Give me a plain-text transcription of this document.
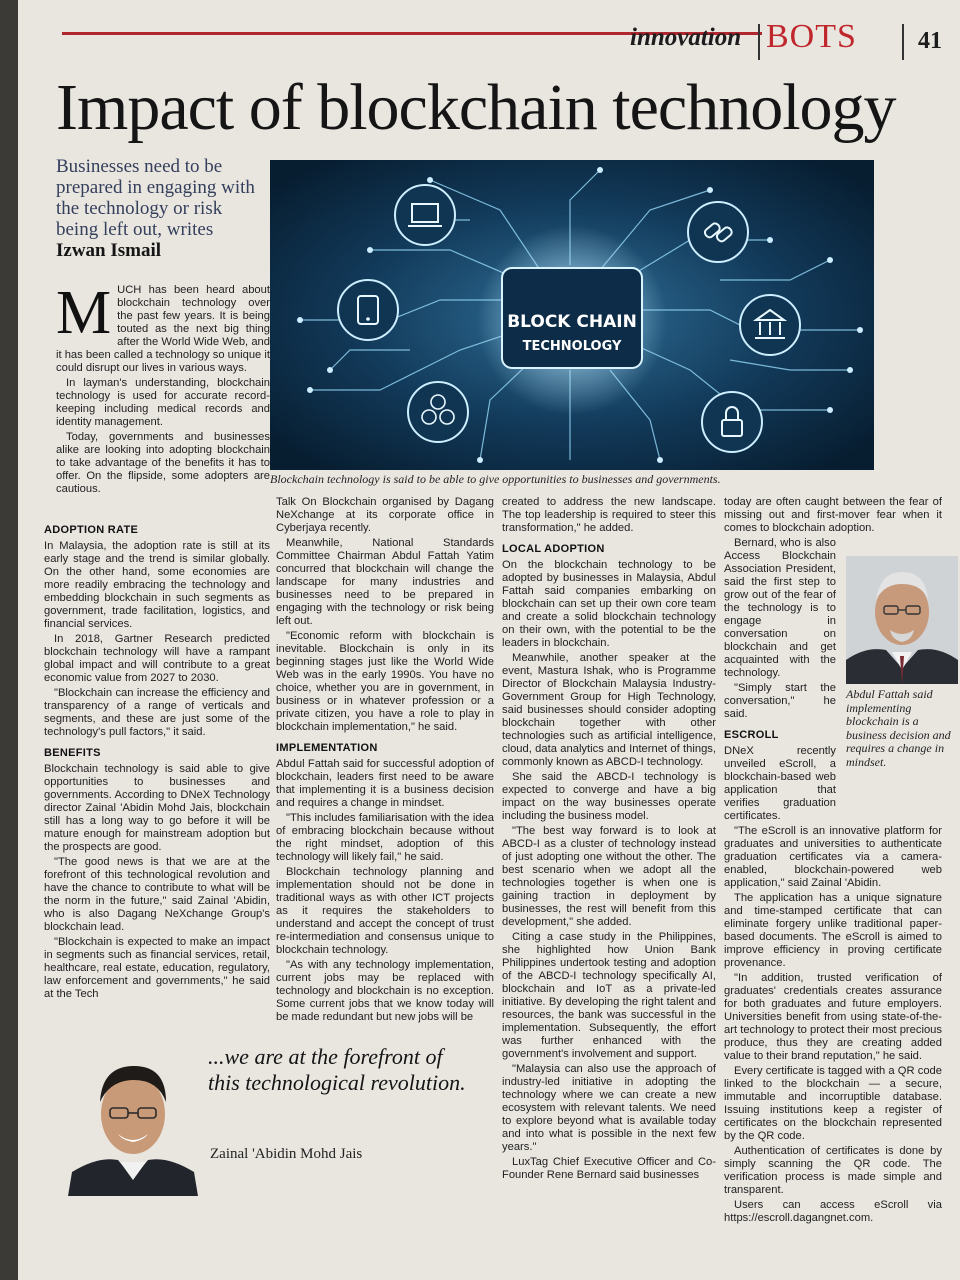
innovation BOTS	41
Impact of blockchain technology
Businesses need to be prepared in engaging with the technology or risk being left out, writes Izwan Ismail
BLOCK CHAIN
TECHNOLOGY
Blockchain technology is said to be able to give opportunities to businesses and governments.
M UCH has been heard about blockchain technology over the past few years. It is being touted as the next big thing after the World Wide Web, and it has been called a technology so unique it could disrupt our lives in various ways.

In layman's understanding, blockchain technology is used for accurate record-keeping including medical records and identity management.

Today, governments and businesses alike are looking into adopting blockchain to take advantage of the benefits it has to offer. On the flipside, some adopters are cautious.

ADOPTION RATE

In Malaysia, the adoption rate is still at its early stage and the trend is similar globally. On the other hand, some economies are more readily embracing the technology and embedding blockchain in such segments as government, trade facilitation, logistics, and financial services.

In 2018, Gartner Research predicted blockchain technology will have a rampant global impact and will contribute to a great economic value from 2027 to 2030.

"Blockchain can increase the efficiency and transparency of a range of verticals and segments, and these are just some of the technology's pull factors," it said.

BENEFITS

Blockchain technology is said able to give opportunities to businesses and governments. According to DNeX Technology director Zainal 'Abidin Mohd Jais, blockchain still has a long way to go before it will be mature enough for mainstream adoption but the prospects are good.

"The good news is that we are at the forefront of this technological revolution and have the chance to contribute to what will be the norm in the future," said Zainal 'Abidin, who is also Dagang NeXchange Group's blockchain lead.

"Blockchain is expected to make an impact in segments such as financial services, retail, healthcare, real estate, education, regulatory, law enforcement and governments," he said at the Tech

Talk On Blockchain organised by Dagang NeXchange at its corporate office in Cyberjaya recently.

Meanwhile, National Standards Committee Chairman Abdul Fattah Yatim concurred that blockchain will change the landscape for many industries and businesses need to be prepared in engaging with the technology or risk being left out.

"Economic reform with blockchain is inevitable. Blockchain is only in its beginning stages just like the World Wide Web was in the early 1990s. You have no choice, whether you are in government, in business or in whatever profession or a private citizen, you have a role to play in blockchain implementation," he said.

IMPLEMENTATION

Abdul Fattah said for successful adoption of blockchain, leaders first need to be aware that implementing it is a business decision and requires a change in mindset.

"This includes familiarisation with the idea of embracing blockchain because without the right mindset, adoption of this technology will likely fail," he said.

Blockchain technology planning and implementation should not be done in traditional ways as with other ICT projects as it requires the stakeholders to understand and accept the concept of trust re-intermediation and consensus unique to blockchain technology.

"As with any technology implementation, current jobs may be replaced with technology and blockchain is no exception. Some current jobs that we know today will be made redundant but new jobs will be

created to address the new landscape. The top leadership is required to steer this transformation," he added.

LOCAL ADOPTION

On the blockchain technology to be adopted by businesses in Malaysia, Abdul Fattah said companies embarking on blockchain can set up their own core team and create a solid blockchain technology on their own, with the potential to be the leaders in blockchain.

Meanwhile, another speaker at the event, Mastura Ishak, who is Programme Director of Blockchain Malaysia Industry-Government Group for High Technology, said businesses should consider adopting blockchain together with other technologies such as artificial intelligence, cloud, data analytics and Internet of things, commonly known as ABCD-I technology.

She said the ABCD-I technology is expected to converge and have a big impact on the way businesses operate including the business model.

"The best way forward is to look at ABCD-I as a cluster of technology instead of just adopting one without the other. The best scenario when we adopt all the technologies together is when one is gaining traction in deployment by businesses, the rest will benefit from this development," she added.

Citing a case study in the Philippines, she highlighted how Union Bank Philippines undertook testing and adoption of the ABCD-I technology specifically AI, blockchain and IoT as a private-led initiative. By developing the right talent and resources, the bank was successful in the implementation. Subsequently, the effort was further enhanced with the government's involvement and support.

"Malaysia can also use the approach of industry-led initiative in adopting the technology where we can create a new ecosystem with relevant talents. We need to explore beyond what is available today and into what is possible in the next few years."

LuxTag Chief Executive Officer and Co-Founder Rene Bernard said businesses

today are often caught between the fear of missing out and first-mover fear when it comes to blockchain adoption.

Bernard, who is also Access Blockchain Association President, said the first step to grow out of the fear of the technology is to engage in conversation on blockchain and get acquainted with the technology.

"Simply start the conversation," he said.

ESCROLL

DNeX recently unveiled eScroll, a blockchain-based web application that verifies graduation certificates.

"The eScroll is an innovative platform for graduates and universities to authenticate graduation certificates via a camera-enabled, blockchain-powered web application," said Zainal 'Abidin.

The application has a unique signature and time-stamped certificate that can eliminate forgery unlike traditional paper-based documents. The eScroll is aimed to improve efficiency in proving certificate provenance.

"In addition, trusted verification of graduates' credentials creates assurance for both graduates and future employers. Universities benefit from using state-of-the-art technology to protect their most precious produce, thus they are creating added value to their brand reputation," he said.

Every certificate is tagged with a QR code linked to the blockchain — a secure, immutable and incorruptible database. Issuing institutions keep a register of certificates on the blockchain represented by the QR code.

Authentication of certificates is done by simply scanning the QR code. The verification process is made simple and transparent.

Users can access eScroll via https://escroll.dagangnet.com.

Abdul Fattah said implementing blockchain is a business decision and requires a change in mindset.
...we are at the forefront of this technological revolution.
Zainal 'Abidin Mohd Jais
